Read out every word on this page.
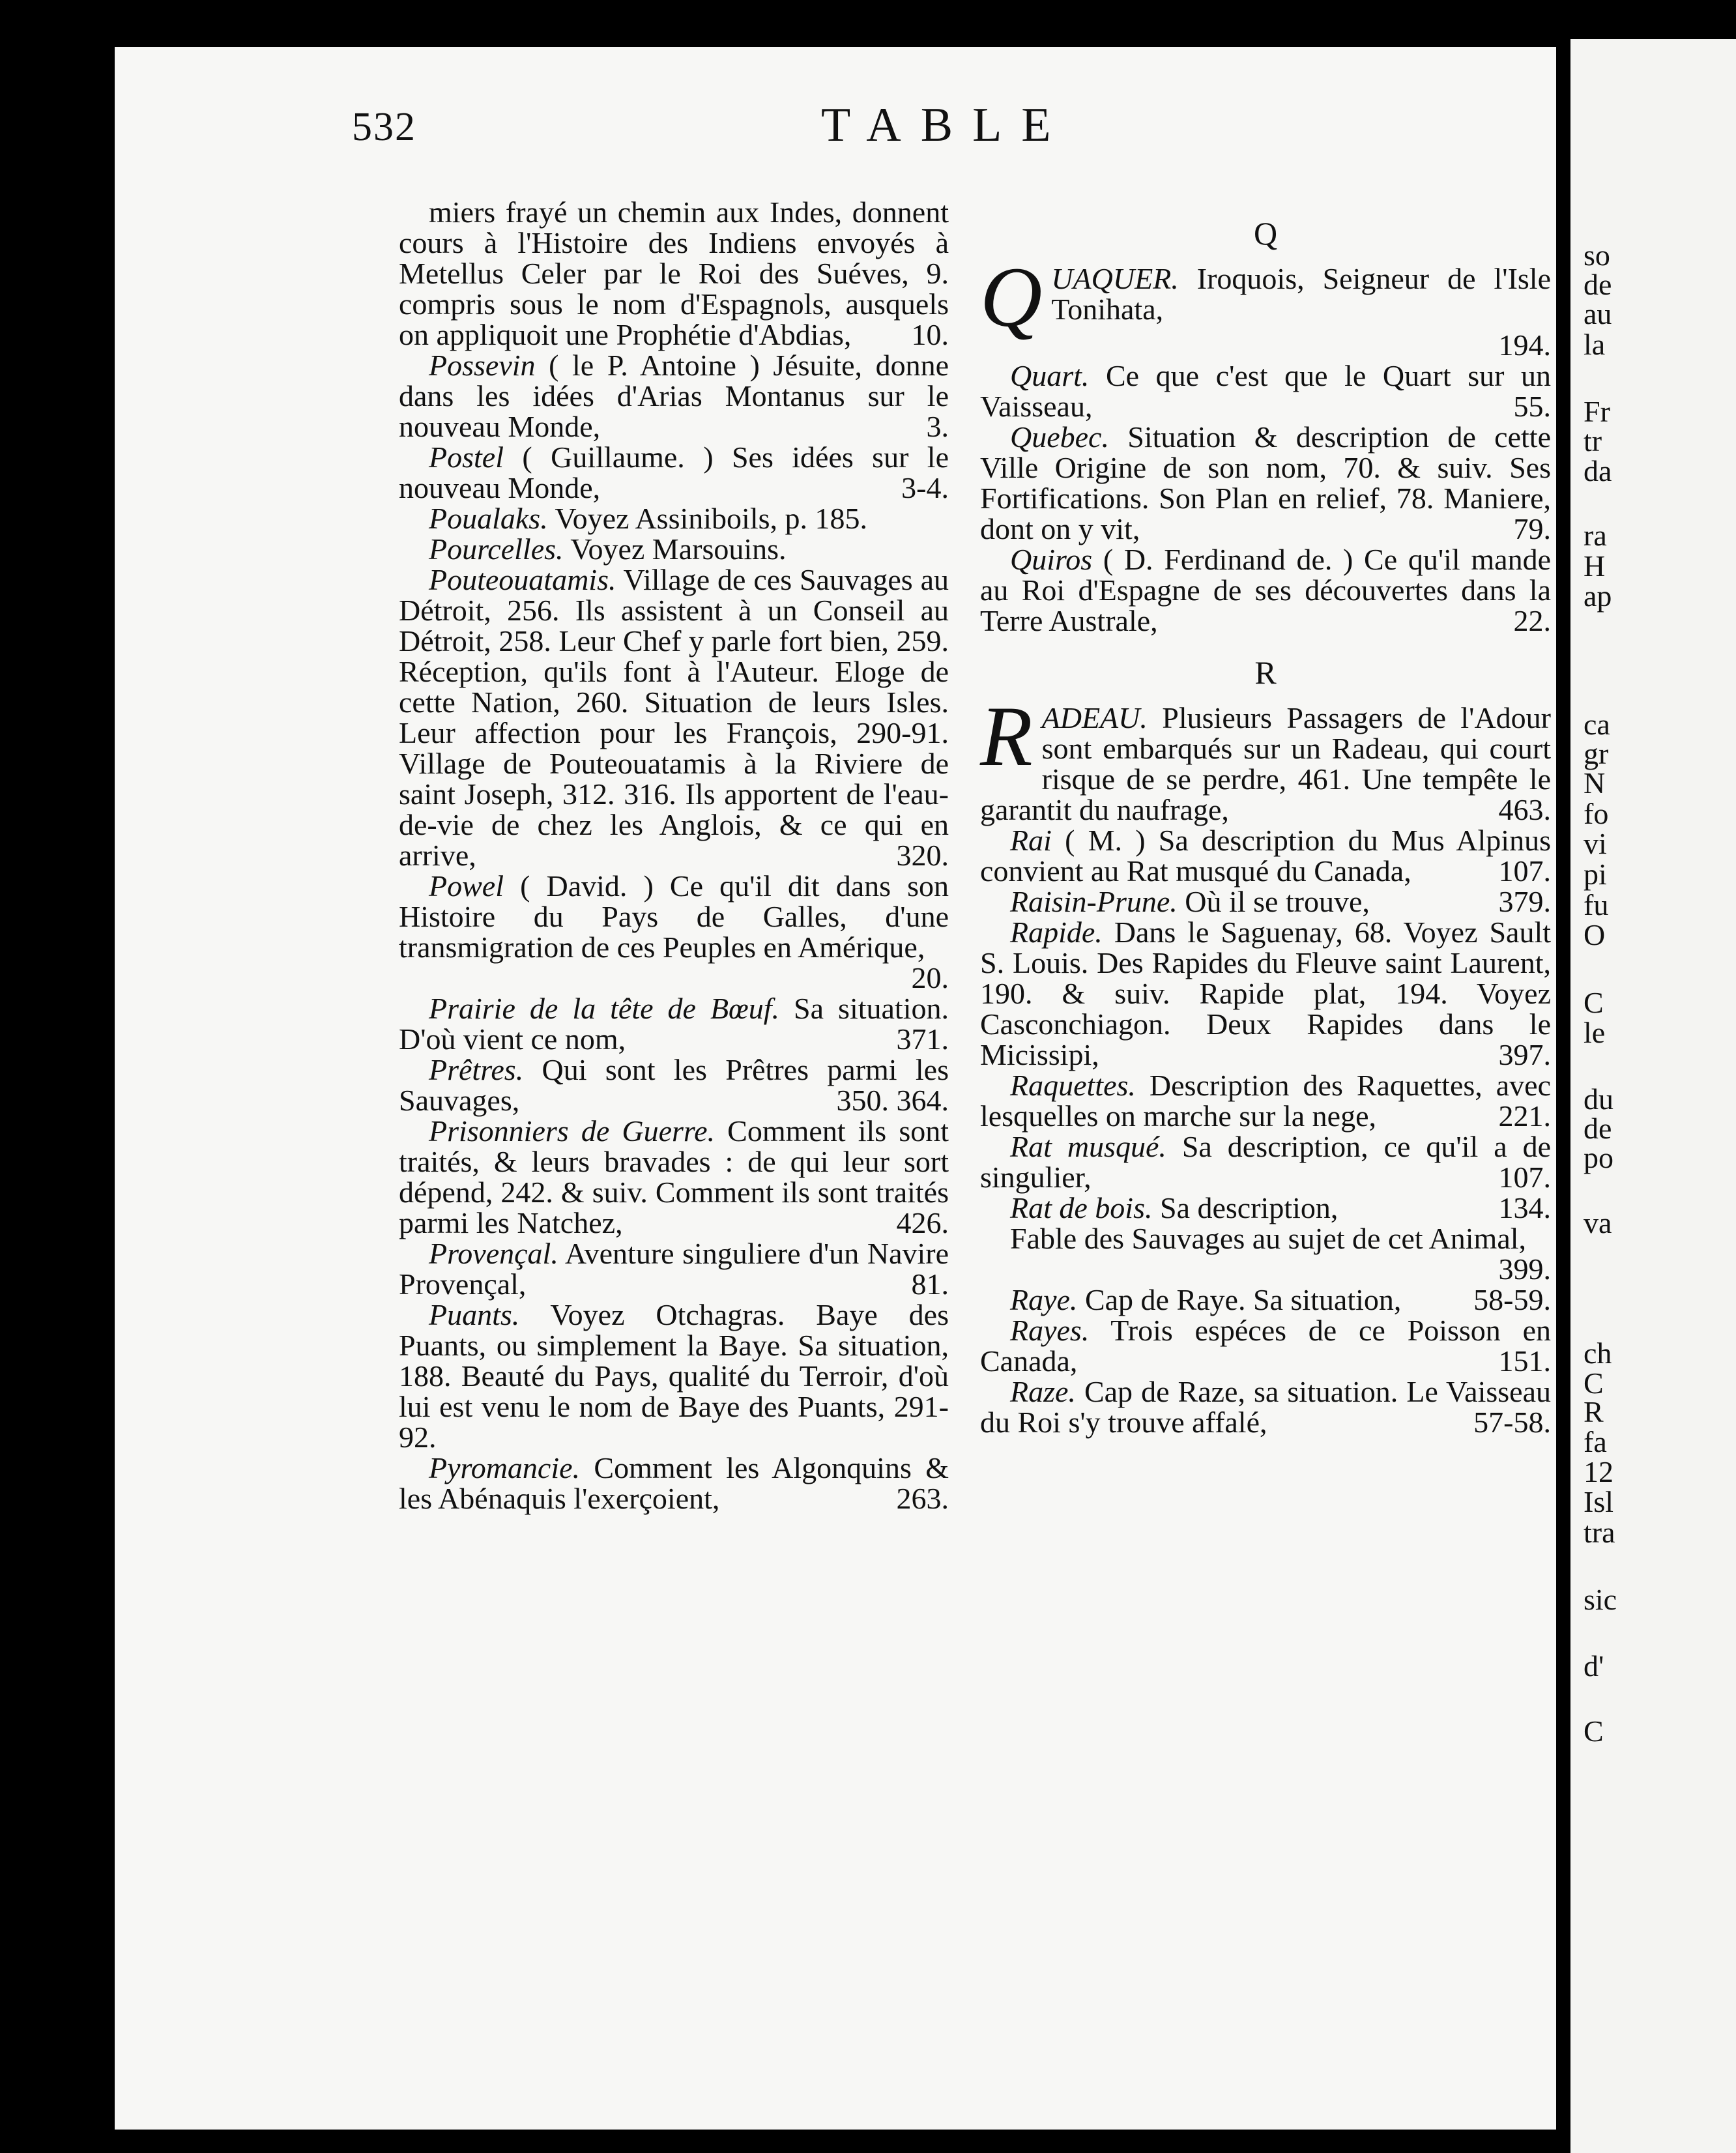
so
de
au
la
Fr
tr
da
ra
H
ap
ca
gr
N
fo
vi
pi
fu
O
C
le
du
de
po
va
ch
C
R
fa
12
Isl
tra
sic
d'
C
532	TABLE

miers frayé un chemin aux Indes, donnent cours à l'Histoire des Indiens envoyés à Metellus Celer par le Roi des Suéves, 9. compris sous le nom d'Espagnols, ausquels on appliquoit une Prophétie d'Abdias,	10.

Possevin ( le P. Antoine ) Jésuite, donne dans les idées d'Arias Montanus sur le nouveau Monde,	3.

Postel ( Guillaume. ) Ses idées sur le nouveau Monde,	3-4.

Poualaks. Voyez Assiniboils, p. 185.

Pourcelles. Voyez Marsouins.

Pouteouatamis. Village de ces Sauvages au Détroit, 256. Ils assistent à un Conseil au Détroit, 258. Leur Chef y parle fort bien, 259. Réception, qu'ils font à l'Auteur. Eloge de cette Nation, 260. Situation de leurs Isles. Leur affection pour les François, 290-91. Village de Pouteouatamis à la Riviere de saint Joseph, 312. 316. Ils apportent de l'eau-de-vie de chez les Anglois, & ce qui en arrive,	320.

Powel ( David. ) Ce qu'il dit dans son Histoire du Pays de Galles, d'une transmigration de ces Peuples en Amérique,
20.

Prairie de la tête de Bœuf. Sa situation. D'où vient ce nom,	371.

Prêtres. Qui sont les Prêtres parmi les Sauvages,	350. 364.

Prisonniers de Guerre. Comment ils sont traités, & leurs bravades : de qui leur sort dépend, 242. & suiv. Comment ils sont traités parmi les Natchez,	426.

Provençal. Aventure singuliere d'un Navire Provençal,	81.

Puants. Voyez Otchagras. Baye des Puants, ou simplement la Baye. Sa situation, 188. Beauté du Pays, qualité du Terroir, d'où lui est venu le nom de Baye des Puants, 291-92.

Pyromancie. Comment les Algonquins & les Abénaquis l'exerçoient,	263.

Q

QUAQUER. Iroquois, Seigneur de l'Isle Tonihata,
194.

Quart. Ce que c'est que le Quart sur un Vaisseau,	55.

Quebec. Situation & description de cette Ville Origine de son nom, 70. & suiv. Ses Fortifications. Son Plan en relief, 78. Maniere, dont on y vit,	79.

Quiros ( D. Ferdinand de. ) Ce qu'il mande au Roi d'Espagne de ses découvertes dans la Terre Australe,	22.

R

RADEAU. Plusieurs Passagers de l'Adour sont embarqués sur un Radeau, qui court risque de se perdre, 461. Une tempête le garantit du naufrage,	463.

Rai ( M. ) Sa description du Mus Alpinus convient au Rat musqué du Canada,	107.

Raisin-Prune. Où il se trouve,	379.

Rapide. Dans le Saguenay, 68. Voyez Sault S. Louis. Des Rapides du Fleuve saint Laurent, 190. & suiv. Rapide plat, 194. Voyez Casconchiagon. Deux Rapides dans le Micissipi,	397.

Raquettes. Description des Raquettes, avec lesquelles on marche sur la nege,	221.

Rat musqué. Sa description, ce qu'il a de singulier,	107.

Rat de bois. Sa description,	134.

Fable des Sauvages au sujet de cet Animal,
399.

Raye. Cap de Raye. Sa situation,	58-59.

Rayes. Trois espéces de ce Poisson en Canada,	151.

Raze. Cap de Raze, sa situation. Le Vaisseau du Roi s'y trouve affalé,	57-58.
